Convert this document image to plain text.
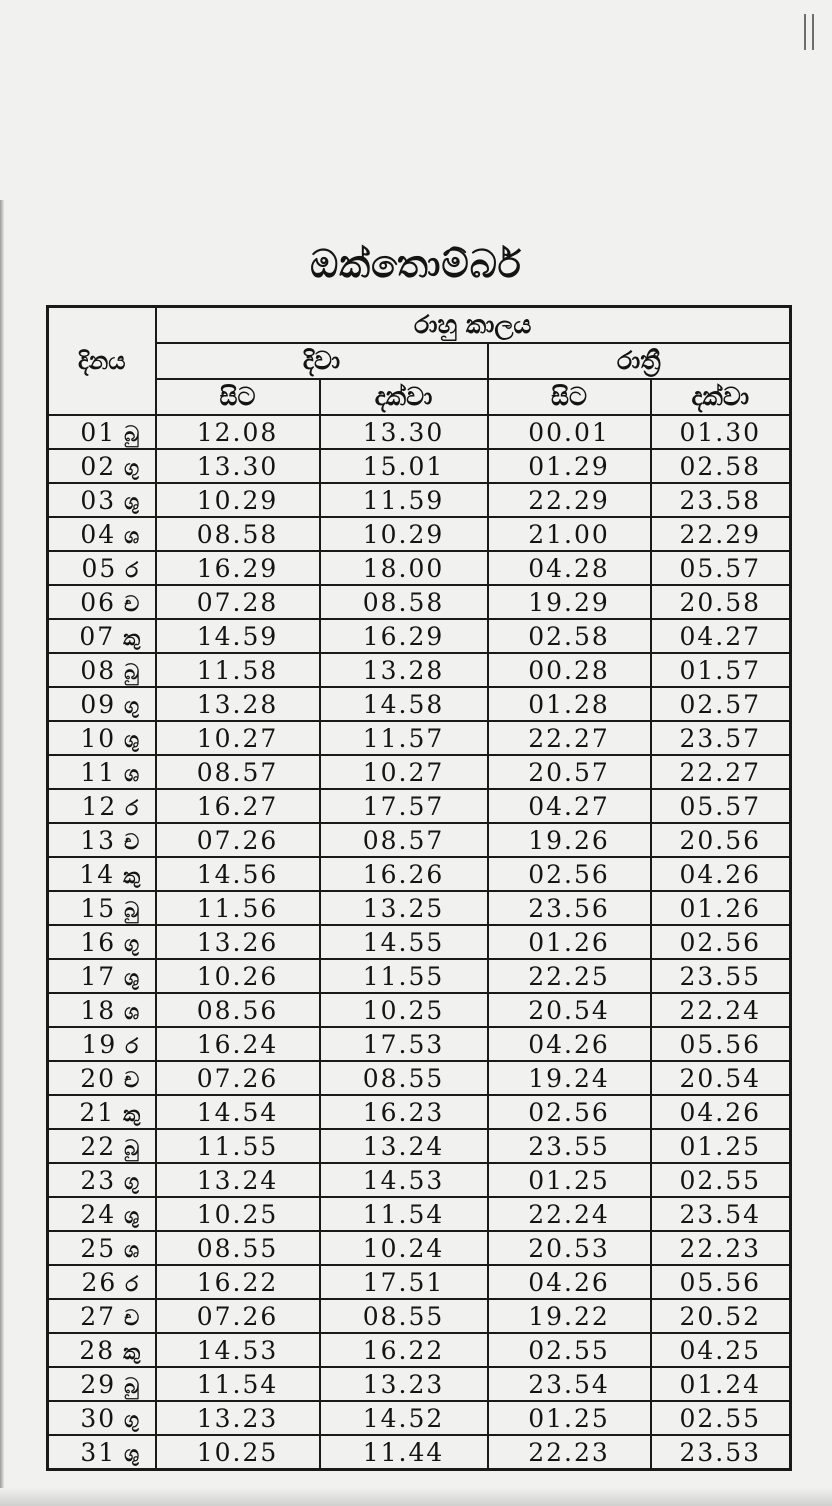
ඔක්තොම්බර්
දිනය	රාහු කාලය			
	දිවා		රාත්‍රී	
	සිට	දක්වා	සිට	දක්වා
01 බු	12.08	13.30	00.01	01.30
02 ගු	13.30	15.01	01.29	02.58
03 ශු	10.29	11.59	22.29	23.58
04 ශ	08.58	10.29	21.00	22.29
05 ර	16.29	18.00	04.28	05.57
06 ච	07.28	08.58	19.29	20.58
07 කු	14.59	16.29	02.58	04.27
08 බු	11.58	13.28	00.28	01.57
09 ගු	13.28	14.58	01.28	02.57
10 ශු	10.27	11.57	22.27	23.57
11 ශ	08.57	10.27	20.57	22.27
12 ර	16.27	17.57	04.27	05.57
13 ච	07.26	08.57	19.26	20.56
14 කු	14.56	16.26	02.56	04.26
15 බු	11.56	13.25	23.56	01.26
16 ගු	13.26	14.55	01.26	02.56
17 ශු	10.26	11.55	22.25	23.55
18 ශ	08.56	10.25	20.54	22.24
19 ර	16.24	17.53	04.26	05.56
20 ච	07.26	08.55	19.24	20.54
21 කු	14.54	16.23	02.56	04.26
22 බු	11.55	13.24	23.55	01.25
23 ගු	13.24	14.53	01.25	02.55
24 ශු	10.25	11.54	22.24	23.54
25 ශ	08.55	10.24	20.53	22.23
26 ර	16.22	17.51	04.26	05.56
27 ච	07.26	08.55	19.22	20.52
28 කු	14.53	16.22	02.55	04.25
29 බු	11.54	13.23	23.54	01.24
30 ගු	13.23	14.52	01.25	02.55
31 ශු	10.25	11.44	22.23	23.53
